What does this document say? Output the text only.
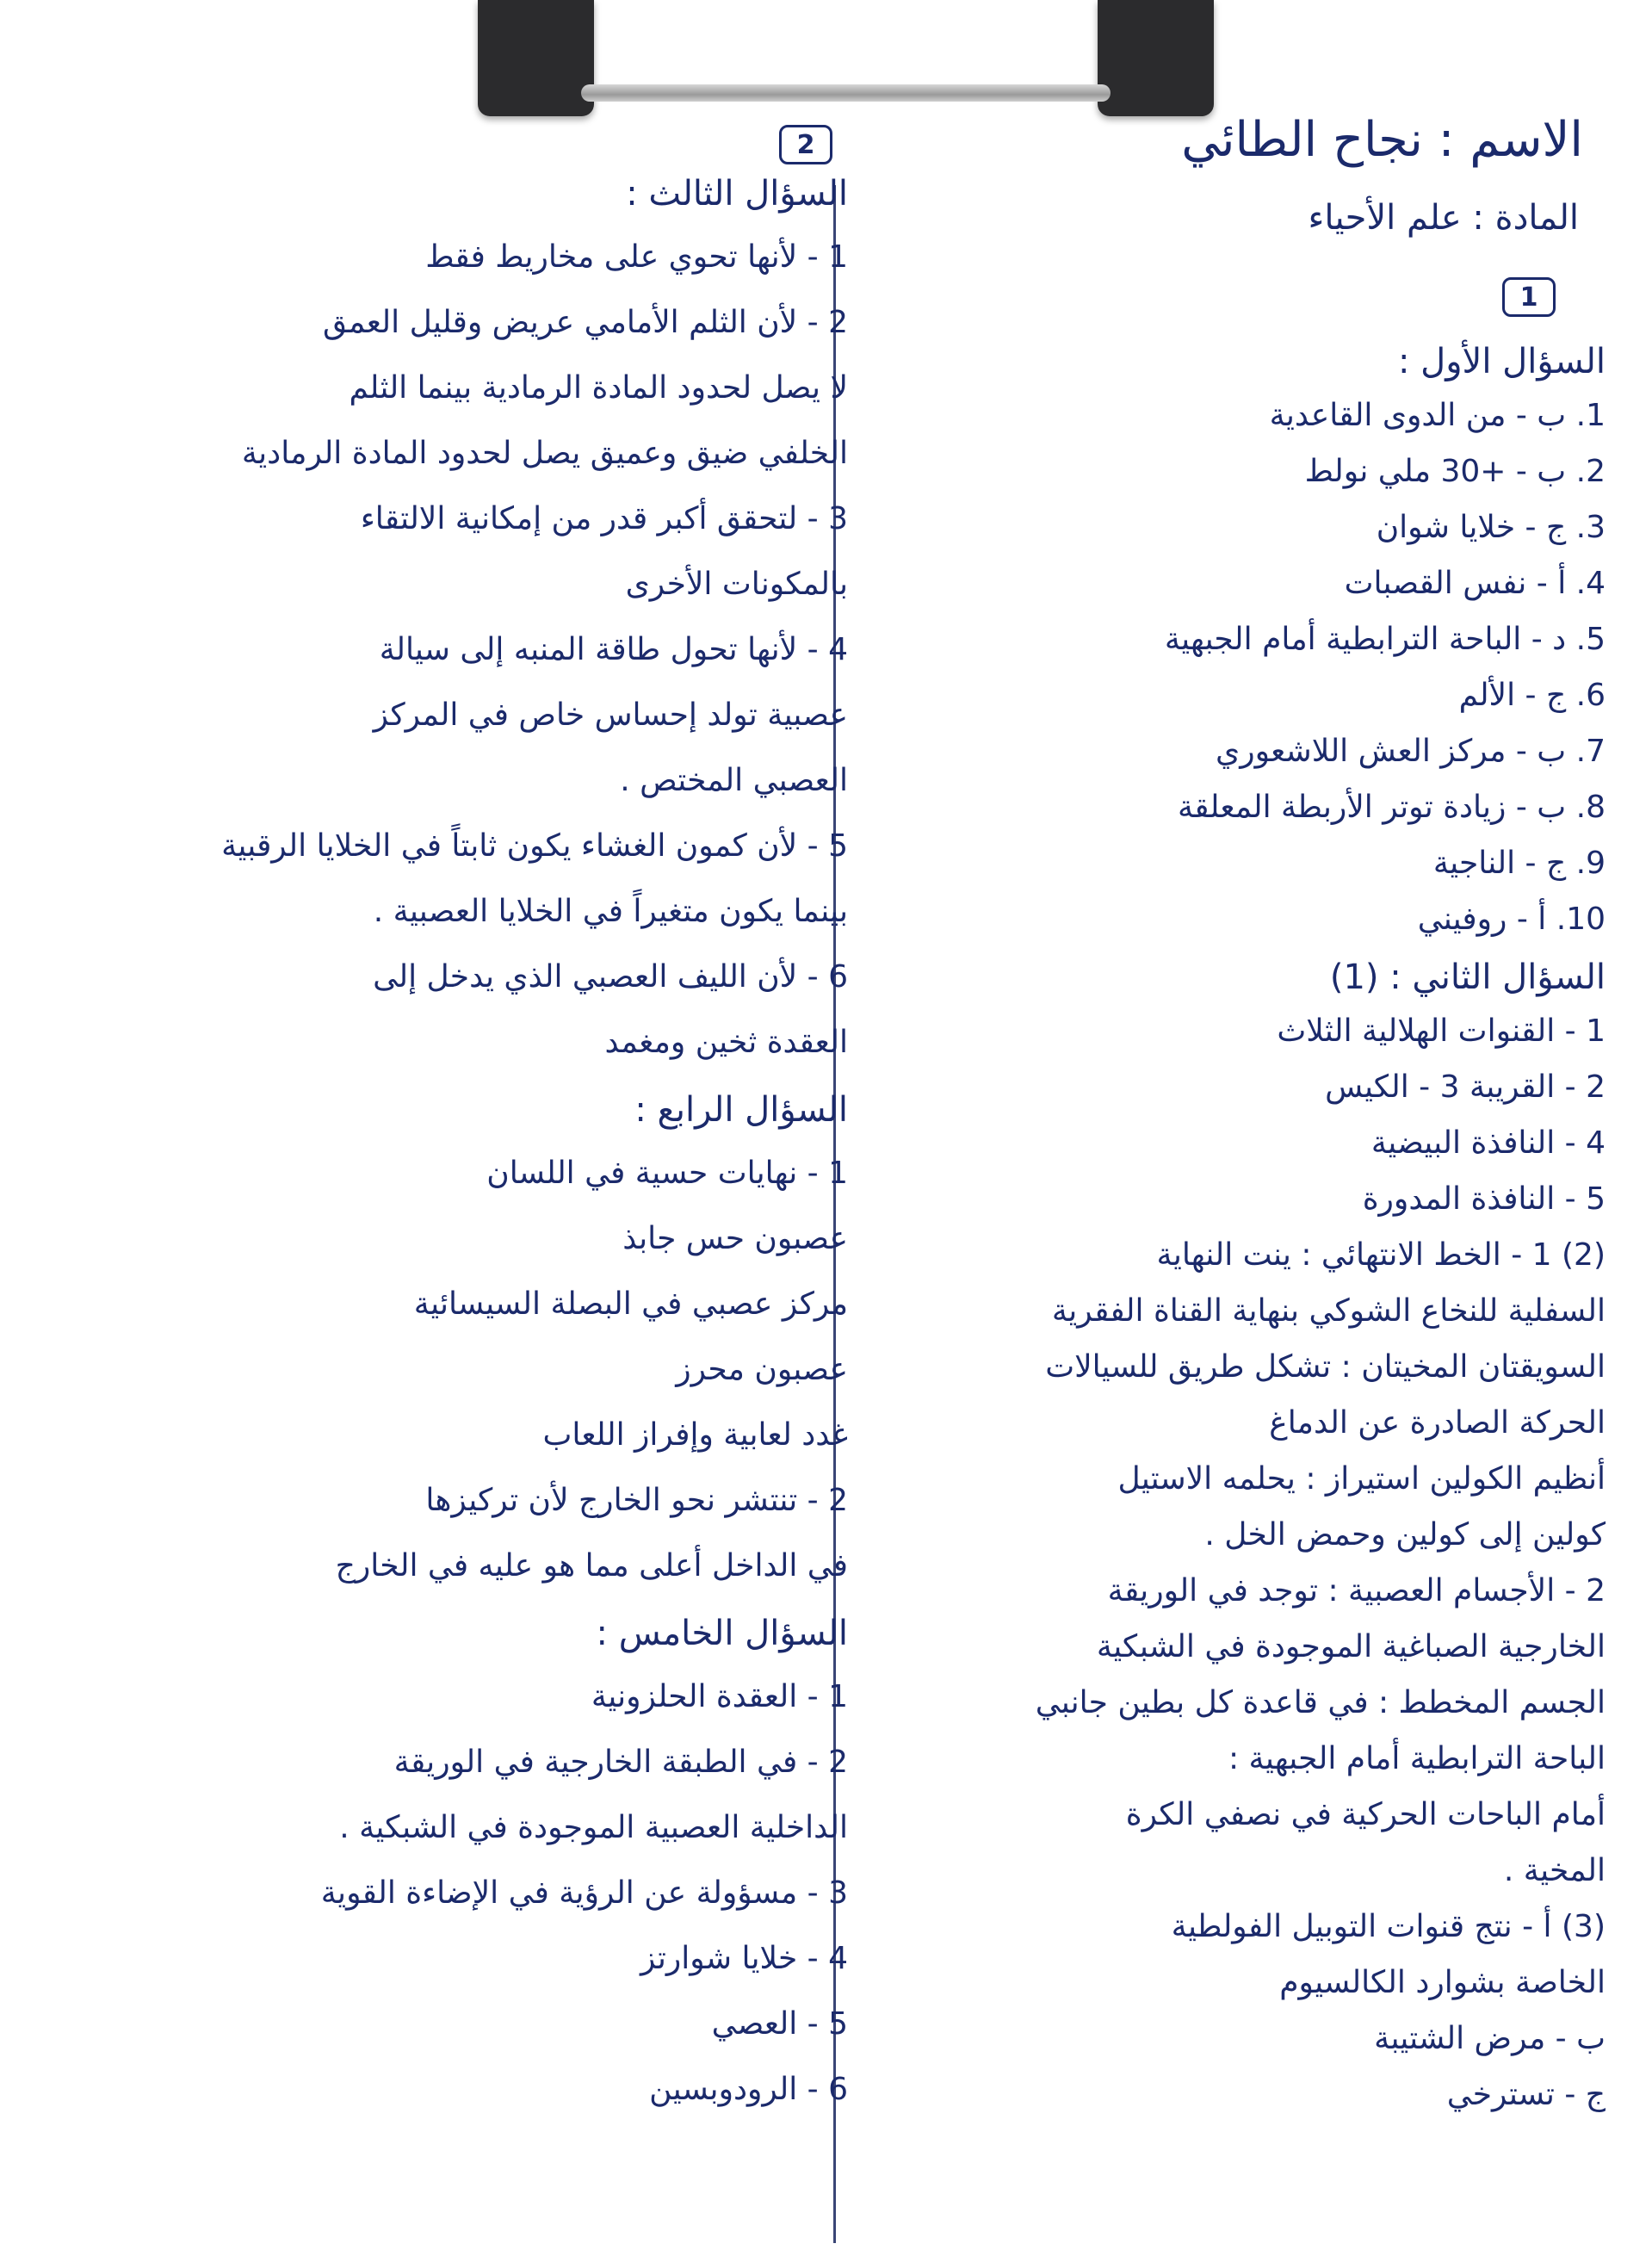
الاسم : نجاح الطائي
المادة : علم الأحياء
2
1
السؤال الأول :
1. ب - من الدوى القاعدية
2. ب - +30 ملي نولط
3. ج - خلايا شوان
4. أ - نفس القصبات
5. د - الباحة الترابطية أمام الجبهية
6. ج - الألم
7. ب - مركز العش اللاشعوري
8. ب - زيادة توتر الأربطة المعلقة
9. ج - الناجية
10. أ - روفيني
السؤال الثاني : (1)
1 - القنوات الهلالية الثلاث
2 - القريبة 3 - الكيس
4 - النافذة البيضية
5 - النافذة المدورة
(2) 1 - الخط الانتهائي : ينت النهاية
السفلية للنخاع الشوكي بنهاية القناة الفقرية
السويقتان المخيتان : تشكل طريق للسيالات
الحركة الصادرة عن الدماغ
أنظيم الكولين استيراز : يحلمه الاستيل
كولين إلى كولين وحمض الخل .
2 - الأجسام العصبية : توجد في الوريقة
الخارجية الصباغية الموجودة في الشبكية
الجسم المخطط : في قاعدة كل بطين جانبي
الباحة الترابطية أمام الجبهية :
أمام الباحات الحركية في نصفي الكرة
المخية .
(3) أ - نتج قنوات التوبيل الفولطية
الخاصة بشوارد الكالسيوم
ب - مرض الشتيبة
ج - تسترخي
السؤال الثالث :
1 - لأنها تحوي على مخاريط فقط
2 - لأن الثلم الأمامي عريض وقليل العمق
لا يصل لحدود المادة الرمادية بينما الثلم
الخلفي ضيق وعميق يصل لحدود المادة الرمادية
3 - لتحقق أكبر قدر من إمكانية الالتقاء
بالمكونات الأخرى
4 - لأنها تحول طاقة المنبه إلى سيالة
عصبية تولد إحساس خاص في المركز
العصبي المختص .
5 - لأن كمون الغشاء يكون ثابتاً في الخلايا الرقبية
بينما يكون متغيراً في الخلايا العصبية .
6 - لأن الليف العصبي الذي يدخل إلى
العقدة ثخين ومغمد
السؤال الرابع :
1 - نهايات حسية في اللسان
عصبون حس جابذ
مركز عصبي في البصلة السيسائية
عصبون محرز
غدد لعابية وإفراز اللعاب
2 - تنتشر نحو الخارج لأن تركيزها
في الداخل أعلى مما هو عليه في الخارج
السؤال الخامس :
1 - العقدة الحلزونية
2 - في الطبقة الخارجية في الوريقة
الداخلية العصبية الموجودة في الشبكية .
3 - مسؤولة عن الرؤية في الإضاءة القوية
4 - خلايا شوارتز
5 - العصي
6 - الرودوبسين
